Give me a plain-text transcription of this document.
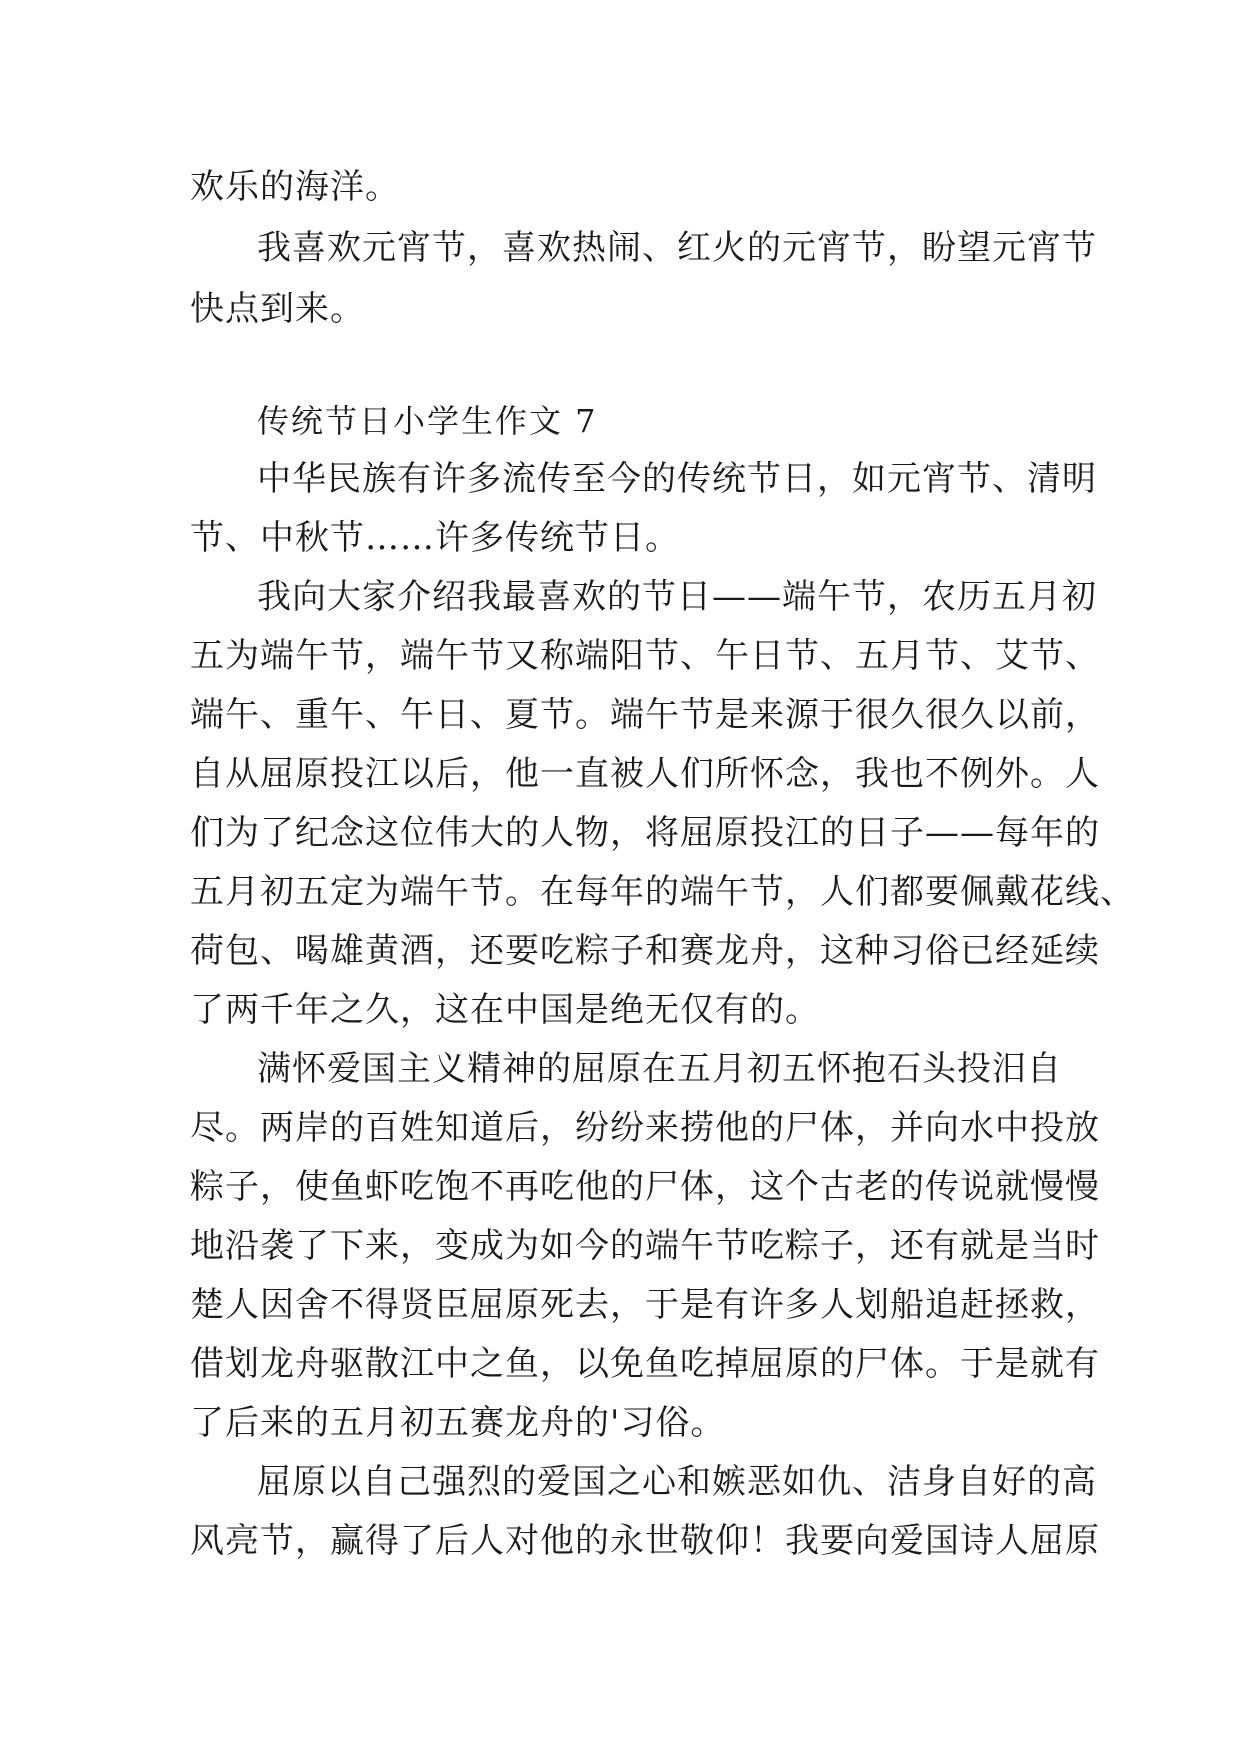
欢乐的海洋。
我喜欢元宵节，喜欢热闹、红火的元宵节，盼望元宵节
快点到来。
传统节日小学生作文 7
中华民族有许多流传至今的传统节日，如元宵节、清明
节、中秋节……许多传统节日。
我向大家介绍我最喜欢的节日——端午节，农历五月初
五为端午节，端午节又称端阳节、午日节、五月节、艾节、
端午、重午、午日、夏节。端午节是来源于很久很久以前，
自从屈原投江以后，他一直被人们所怀念，我也不例外。人
们为了纪念这位伟大的人物，将屈原投江的日子——每年的
五月初五定为端午节。在每年的端午节，人们都要佩戴花线、
荷包、喝雄黄酒，还要吃粽子和赛龙舟，这种习俗已经延续
了两千年之久，这在中国是绝无仅有的。
满怀爱国主义精神的屈原在五月初五怀抱石头投汨自
尽。两岸的百姓知道后，纷纷来捞他的尸体，并向水中投放
粽子，使鱼虾吃饱不再吃他的尸体，这个古老的传说就慢慢
地沿袭了下来，变成为如今的端午节吃粽子，还有就是当时
楚人因舍不得贤臣屈原死去，于是有许多人划船追赶拯救，
借划龙舟驱散江中之鱼，以免鱼吃掉屈原的尸体。于是就有
了后来的五月初五赛龙舟的'习俗。
屈原以自己强烈的爱国之心和嫉恶如仇、洁身自好的高
风亮节，赢得了后人对他的永世敬仰！我要向爱国诗人屈原
